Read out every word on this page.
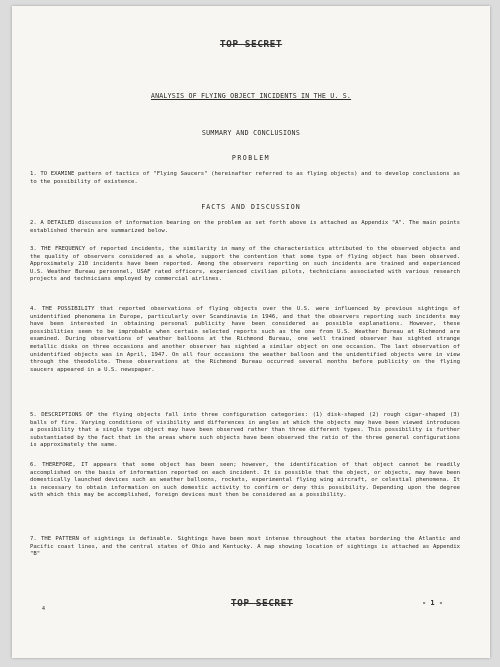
TOP SECRET
ANALYSIS OF FLYING OBJECT INCIDENTS IN THE U. S.
SUMMARY AND CONCLUSIONS
PROBLEM

1. TO EXAMINE pattern of tactics of "Flying Saucers" (hereinafter referred to as flying objects) and to develop conclusions as to the possibility of existence.

FACTS AND DISCUSSION

2. A DETAILED discussion of information bearing on the problem as set forth above is attached as Appendix "A". The main points established therein are summarized below.

3. THE FREQUENCY of reported incidents, the similarity in many of the characteristics attributed to the observed objects and the quality of observers considered as a whole, support the contention that some type of flying object has been observed. Approximately 210 incidents have been reported. Among the observers reporting on such incidents are trained and experienced U.S. Weather Bureau personnel, USAF rated officers, experienced civilian pilots, technicians associated with various research projects and technicians employed by commercial airlines.

4. THE POSSIBILITY that reported observations of flying objects over the U.S. were influenced by previous sightings of unidentified phenomena in Europe, particularly over Scandinavia in 1946, and that the observers reporting such incidents may have been interested in obtaining personal publicity have been considered as possible explanations. However, these possibilities seem to be improbable when certain selected reports such as the one from U.S. Weather Bureau at Richmond are examined. During observations of weather balloons at the Richmond Bureau, one well trained observer has sighted strange metallic disks on three occasions and another observer has sighted a similar object on one occasion. The last observation of unidentified objects was in April, 1947. On all four occasions the weather balloon and the unidentified objects were in view through the theodolite. These observations at the Richmond Bureau occurred several months before publicity on the flying saucers appeared in a U.S. newspaper.

5. DESCRIPTIONS OF the flying objects fall into three configuration categories: (1) disk-shaped (2) rough cigar-shaped (3) balls of fire. Varying conditions of visibility and differences in angles at which the objects may have been viewed introduces a possibility that a single type object may have been observed rather than three different types. This possibility is further substantiated by the fact that in the areas where such objects have been observed the ratio of the three general configurations is approximately the same.

6. THEREFORE, IT appears that some object has been seen; however, the identification of that object cannot be readily accomplished on the basis of information reported on each incident. It is possible that the object, or objects, may have been domestically launched devices such as weather balloons, rockets, experimental flying wing aircraft, or celestial phenomena. It is necessary to obtain information on such domestic activity to confirm or deny this possibility. Depending upon the degree with which this may be accomplished, foreign devices must then be considered as a possibility.

7. THE PATTERN of sightings is definable. Sightings have been most intense throughout the states bordering the Atlantic and Pacific coast lines, and the central states of Ohio and Kentucky. A map showing location of sightings is attached as Appendix "B"

4	TOP SECRET	- 1 -
